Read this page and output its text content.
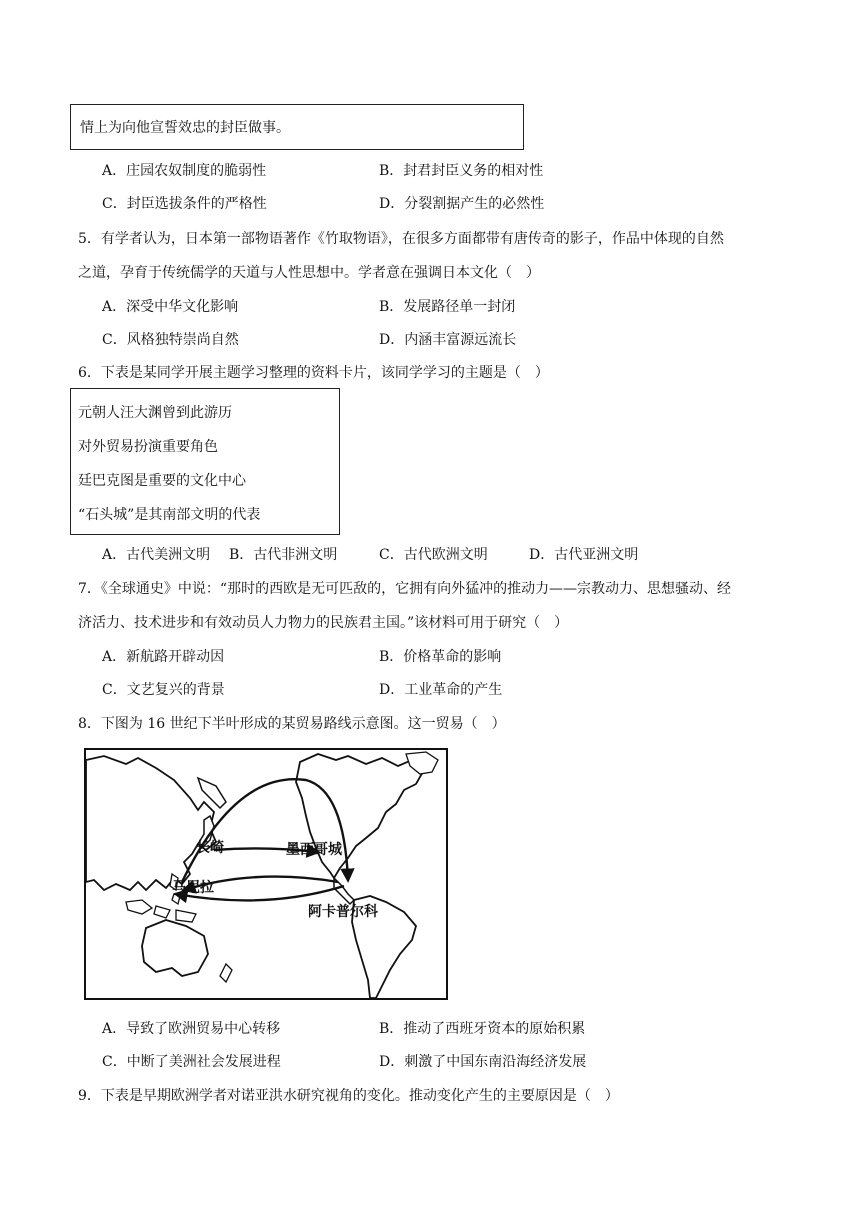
情上为向他宣誓效忠的封臣做事。
A．庄园农奴制度的脆弱性	B．封君封臣义务的相对性
C．封臣选拔条件的严格性	D．分裂割据产生的必然性
5．有学者认为，日本第一部物语著作《竹取物语》，在很多方面都带有唐传奇的影子，作品中体现的自然
之道，孕育于传统儒学的天道与人性思想中。学者意在强调日本文化（　）
A．深受中华文化影响	B．发展路径单一封闭
C．风格独特崇尚自然	D．内涵丰富源远流长
6．下表是某同学开展主题学习整理的资料卡片，该同学学习的主题是（　）
元朝人汪大渊曾到此游历
对外贸易扮演重要角色
廷巴克图是重要的文化中心
“石头城”是其南部文明的代表
A．古代美洲文明 B．古代非洲文明	C．古代欧洲文明	D．古代亚洲文明
7．《全球通史》中说：“那时的西欧是无可匹敌的，它拥有向外猛冲的推动力——宗教动力、思想骚动、经
济活力、技术进步和有效动员人力物力的民族君主国。”该材料可用于研究（　）
A．新航路开辟动因	B．价格革命的影响
C．文艺复兴的背景	D．工业革命的产生
8．下图为 16 世纪下半叶形成的某贸易路线示意图。这一贸易（　）
长崎	墨西哥城
马尼拉
阿卡普尔科
A．导致了欧洲贸易中心转移	B．推动了西班牙资本的原始积累
C．中断了美洲社会发展进程	D．刺激了中国东南沿海经济发展
9．下表是早期欧洲学者对诺亚洪水研究视角的变化。推动变化产生的主要原因是（　）
